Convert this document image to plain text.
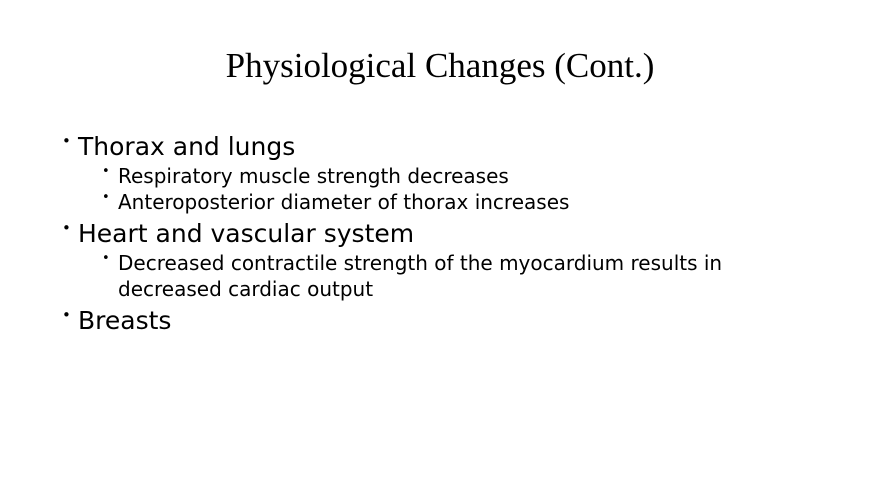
Physiological Changes (Cont.)
• Thorax and lungs
• Respiratory muscle strength decreases
• Anteroposterior diameter of thorax increases
• Heart and vascular system
• Decreased contractile strength of the myocardium results in decreased cardiac output
• Breasts
